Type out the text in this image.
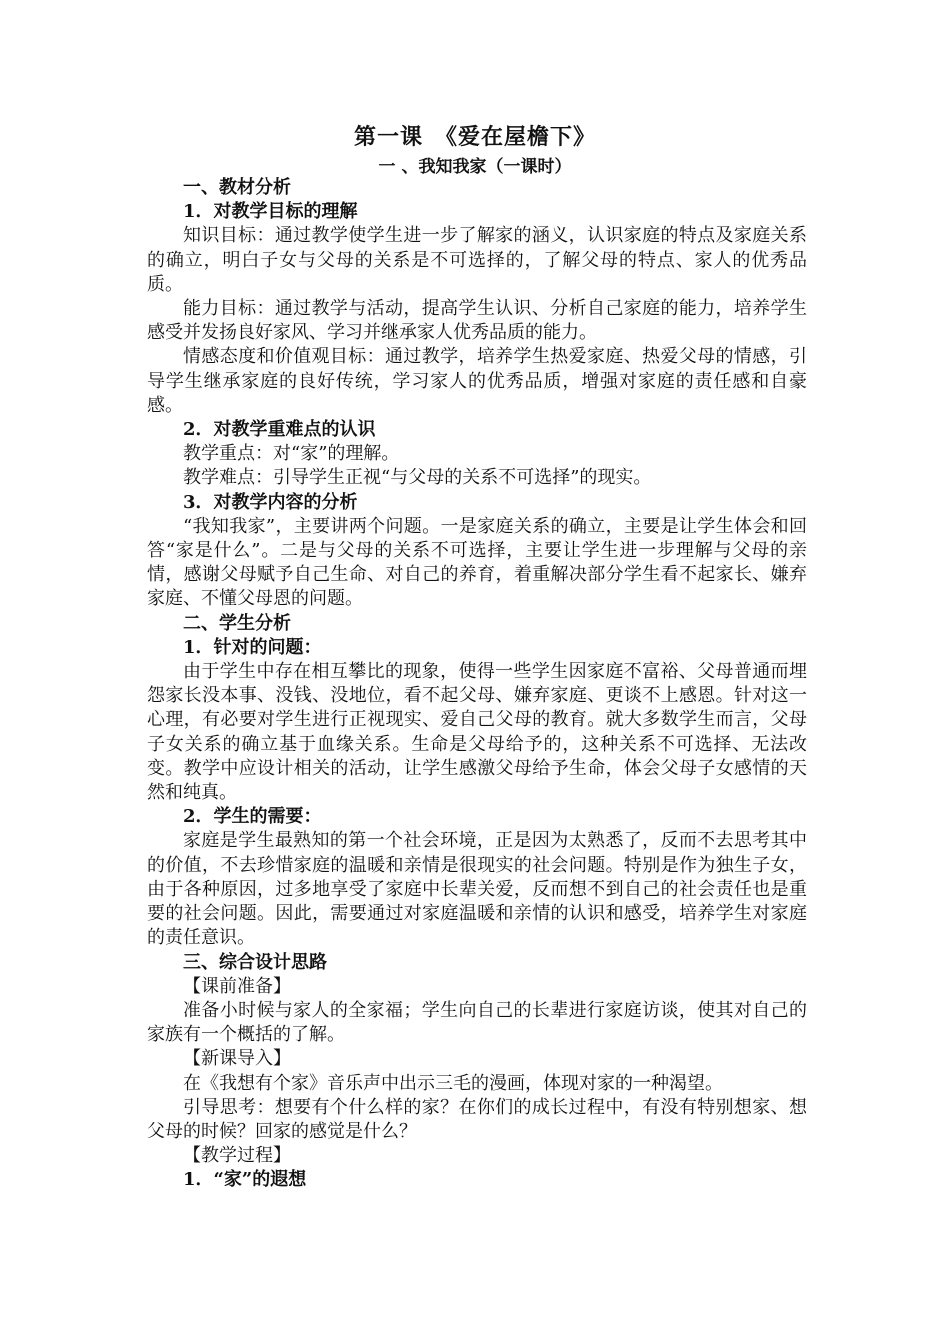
第一课　《爱在屋檐下》
一 、我知我家（一课时）

一、教材分析

1．对教学目标的理解

知识目标：通过教学使学生进一步了解家的涵义，认识家庭的特点及家庭关系的确立，明白子女与父母的关系是不可选择的，了解父母的特点、家人的优秀品质。

能力目标：通过教学与活动，提高学生认识、分析自己家庭的能力，培养学生感受并发扬良好家风、学习并继承家人优秀品质的能力。

情感态度和价值观目标：通过教学，培养学生热爱家庭、热爱父母的情感，引导学生继承家庭的良好传统，学习家人的优秀品质，增强对家庭的责任感和自豪感。

2．对教学重难点的认识

教学重点：对“家”的理解。

教学难点：引导学生正视“与父母的关系不可选择”的现实。

3．对教学内容的分析

“我知我家”，主要讲两个问题。一是家庭关系的确立，主要是让学生体会和回答“家是什么”。二是与父母的关系不可选择，主要让学生进一步理解与父母的亲情，感谢父母赋予自己生命、对自己的养育，着重解决部分学生看不起家长、嫌弃家庭、不懂父母恩的问题。

二、学生分析

1．针对的问题：

由于学生中存在相互攀比的现象，使得一些学生因家庭不富裕、父母普通而埋怨家长没本事、没钱、没地位，看不起父母、嫌弃家庭、更谈不上感恩。针对这一心理，有必要对学生进行正视现实、爱自己父母的教育。就大多数学生而言，父母子女关系的确立基于血缘关系。生命是父母给予的，这种关系不可选择、无法改变。教学中应设计相关的活动，让学生感激父母给予生命，体会父母子女感情的天然和纯真。

2．学生的需要：

家庭是学生最熟知的第一个社会环境，正是因为太熟悉了，反而不去思考其中的价值，不去珍惜家庭的温暖和亲情是很现实的社会问题。特别是作为独生子女，由于各种原因，过多地享受了家庭中长辈关爱，反而想不到自己的社会责任也是重要的社会问题。因此，需要通过对家庭温暖和亲情的认识和感受，培养学生对家庭的责任意识。

三、综合设计思路

【课前准备】

准备小时候与家人的全家福；学生向自己的长辈进行家庭访谈，使其对自己的家族有一个概括的了解。

【新课导入】

在《我想有个家》音乐声中出示三毛的漫画，体现对家的一种渴望。

引导思考：想要有个什么样的家？在你们的成长过程中，有没有特别想家、想父母的时候？回家的感觉是什么？

【教学过程】

1．“家”的遐想
